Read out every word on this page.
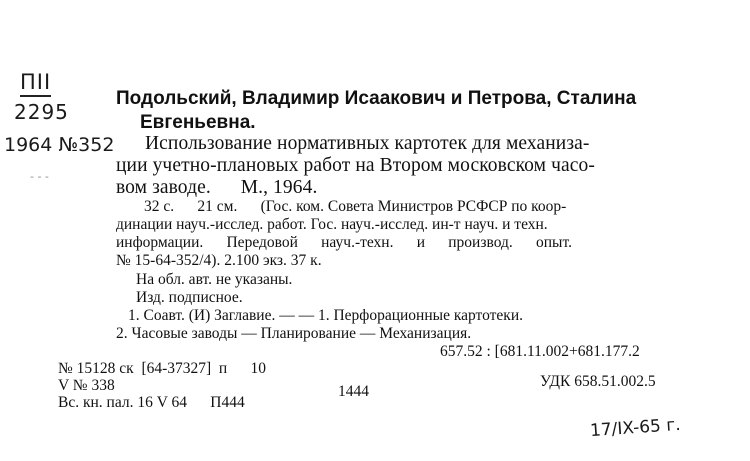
ПII
2295
1964 №352
- - -
Подольский, Владимир Исаакович и Петрова, Сталина
Евгеньевна.
Использование нормативных картотек для механиза-
ции учетно-плановых работ на Втором московском часо-
вом заводе.      М., 1964.
32 с.      21 см.      (Гос. ком. Совета Министров РСФСР по коор-
динации науч.-исслед. работ. Гос. науч.-исслед. ин-т науч. и техн.
информации.      Передовой      науч.-техн.      и      производ.      опыт.
№ 15-64-352/4). 2.100 экз. 37 к.
На обл. авт. не указаны.
Изд. подписное.
1. Соавт. (И) Заглавие. — — 1. Перфорационные картотеки.
2. Часовые заводы — Планирование — Механизация.
657.52 : [681.11.002+681.177.2
№ 15128 ск  [64-37327]  п      10
V № 338
Вс. кн. пал. 16 V 64      П444
1444
УДК 658.51.002.5
17/IX-65 г.
